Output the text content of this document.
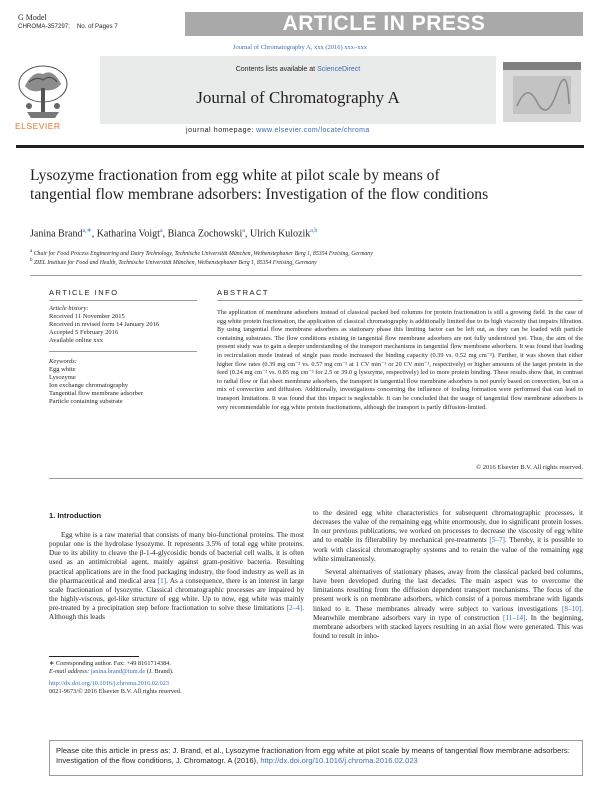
G Model
CHROMA-357297; No. of Pages 7	ARTICLE IN PRESS
Journal of Chromatography A, xxx (2016) xxx–xxx
ELSEVIER
Contents lists available at ScienceDirect
Journal of Chromatography A
journal homepage: www.elsevier.com/locate/chroma
Lysozyme fractionation from egg white at pilot scale by means of tangential flow membrane adsorbers: Investigation of the flow conditions
Janina Brand$^{a,∗}$, Katharina Voigt$^a$, Bianca Zochowski$^a$, Ulrich Kulozik$^{a,b}$
$^a$ Chair for Food Process Engineering and Dairy Technology, Technische Universität München, Weihenstephaner Berg 1, 85354 Freising, Germany
$^b$ ZIEL Institute for Food and Health, Technische Universität München, Weihenstephaner Berg 1, 85354 Freising, Germany
ARTICLE INFO
Article history:
Received 11 November 2015
Received in revised form 14 January 2016
Accepted 5 February 2016
Available online xxx
Keywords:
Egg white
Lysozyme
Ion exchange chromatography
Tangential flow membrane adsorber
Particle containing substrate
ABSTRACT
The application of membrane adsorbers instead of classical packed bed columns for protein fractionation is still a growing field. In the case of egg white protein fractionation, the application of classical chromatography is additionally limited due to its high viscosity that impairs filtration. By using tangential flow membrane adsorbers as stationary phase this limiting factor can be left out, as they can be loaded with particle containing substrates. The flow conditions existing in tangential flow membrane adsorbers are not fully understood yet. Thus, the aim of the present study was to gain a deeper understanding of the transport mechanisms in tangential flow membrane adsorbers. It was found that loading in recirculation mode instead of single pass mode increased the binding capacity (0.39 vs. 0.52 mg cm⁻²). Further, it was shown that either higher flow rates (0.39 mg cm⁻² vs. 0.57 mg cm⁻² at 1 CV min⁻¹ or 20 CV min⁻¹, respectively) or higher amounts of the target protein in the feed (0.24 mg cm⁻² vs. 0.85 mg cm⁻² for 2.5 or 39.0 g lysozyme, respectively) led to more protein binding. These results show that, in contrast to radial flow or flat sheet membrane adsorbers, the transport in tangential flow membrane adsorbers is not purely based on convection, but on a mix of convection and diffusion. Additionally, investigations concerning the influence of fouling formation were performed that can lead to transport limitations. It was found that this impact is neglectable. It can be concluded that the usage of tangential flow membrane adsorbers is very recommendable for egg white protein fractionations, although the transport is partly diffusion-limited.
© 2016 Elsevier B.V. All rights reserved.
1. Introduction

Egg white is a raw material that consists of many bio-functional proteins. The most popular one is the hydrolase lysozyme. It represents 3.5% of total egg white proteins. Due to its ability to cleave the β-1-4-glycosidic bonds of bacterial cell walls, it is often used as an antimicrobial agent, mainly against gram-positive bacteria. Resulting practical applications are in the food packaging industry, the food industry as well as in the pharmaceutical and medical area [1]. As a consequence, there is an interest in large scale fractionation of lysozyme. Classical chromatographic processes are impaired by the highly-viscous, gel-like structure of egg white. Up to now, egg white was mainly pre-treated by a precipitation step before fractionation to solve these limitations [2–4]. Although this leads

to the desired egg white characteristics for subsequent chromatographic processes, it decreases the value of the remaining egg white enormously, due to significant protein losses. In our previous publications, we worked on processes to decrease the viscosity of egg white and to enable its filterability by mechanical pre-treatments [5–7]. Thereby, it is possible to work with classical chromatography systems and to retain the value of the remaining egg white simultaneously.

Several alternatives of stationary phases, away from the classical packed bed columns, have been developed during the last decades. The main aspect was to overcome the limitations resulting from the diffusion dependent transport mechanisms. The focus of the present work is on membrane adsorbers, which consist of a porous membrane with ligands linked to it. These membranes already were subject to various investigations [8–10]. Meanwhile membrane adsorbers vary in type of construction [11–14]. In the beginning, membrane adsorbers with stacked layers resulting in an axial flow were generated. This was found to result in inho-

∗ Corresponding author. Fax: +49 8161714384.
E-mail address: janina.brand@tum.de (J. Brand).
http://dx.doi.org/10.1016/j.chroma.2016.02.023
0021-9673/© 2016 Elsevier B.V. All rights reserved.
Please cite this article in press as: J. Brand, et al., Lysozyme fractionation from egg white at pilot scale by means of tangential flow membrane adsorbers: Investigation of the flow conditions, J. Chromatogr. A (2016), http://dx.doi.org/10.1016/j.chroma.2016.02.023
